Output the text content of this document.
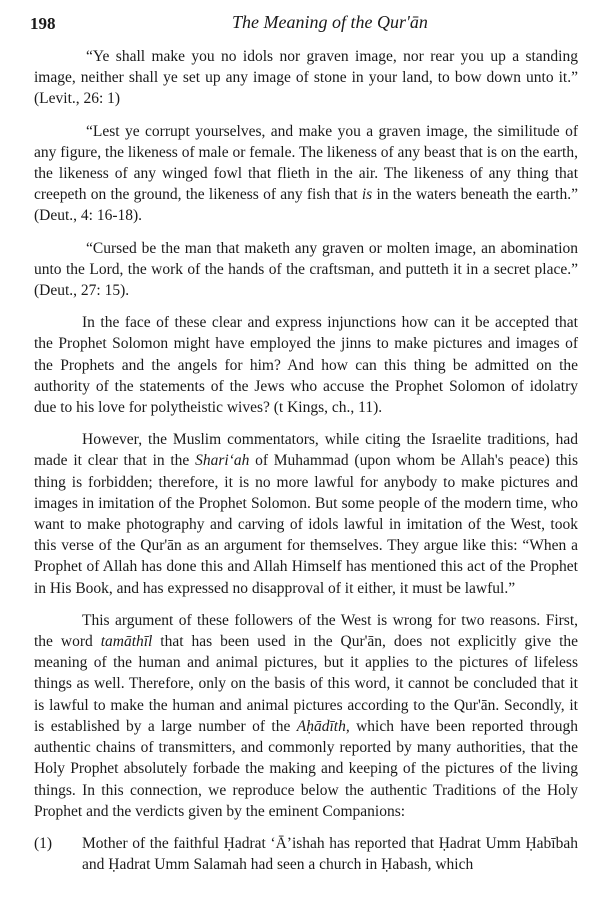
198	The Meaning of the Qur'ān

“Ye shall make you no idols nor graven image, nor rear you up a standing image, neither shall ye set up any image of stone in your land, to bow down unto it.” (Levit., 26: 1)

“Lest ye corrupt yourselves, and make you a graven image, the similitude of any figure, the likeness of male or female. The likeness of any beast that is on the earth, the likeness of any winged fowl that flieth in the air. The likeness of any thing that creepeth on the ground, the likeness of any fish that is in the waters beneath the earth.” (Deut., 4: 16-18).

“Cursed be the man that maketh any graven or molten image, an abomination unto the Lord, the work of the hands of the craftsman, and putteth it in a secret place.” (Deut., 27: 15).

In the face of these clear and express injunctions how can it be accepted that the Prophet Solomon might have employed the jinns to make pictures and images of the Prophets and the angels for him? And how can this thing be admitted on the authority of the statements of the Jews who accuse the Prophet Solomon of idolatry due to his love for polytheistic wives? (t Kings, ch., 11).

However, the Muslim commentators, while citing the Israelite traditions, had made it clear that in the Shari‘ah of Muhammad (upon whom be Allah's peace) this thing is forbidden; therefore, it is no more lawful for anybody to make pictures and images in imitation of the Prophet Solomon. But some people of the modern time, who want to make photography and carving of idols lawful in imitation of the West, took this verse of the Qur'ān as an argument for themselves. They argue like this: “When a Prophet of Allah has done this and Allah Himself has mentioned this act of the Prophet in His Book, and has expressed no disapproval of it either, it must be lawful.”

This argument of these followers of the West is wrong for two reasons. First, the word tamāthīl that has been used in the Qur'ān, does not explicitly give the meaning of the human and animal pictures, but it applies to the pictures of lifeless things as well. Therefore, only on the basis of this word, it cannot be concluded that it is lawful to make the human and animal pictures according to the Qur'ān. Secondly, it is established by a large number of the Aḥādīth, which have been reported through authentic chains of transmitters, and commonly reported by many authorities, that the Holy Prophet absolutely forbade the making and keeping of the pictures of the living things. In this connection, we reproduce below the authentic Traditions of the Holy Prophet and the verdicts given by the eminent Companions:

(1)	Mother of the faithful Ḥadrat ‘Ā’ishah has reported that Ḥadrat Umm Ḥabībah and Ḥadrat Umm Salamah had seen a church in Ḥabash, which
